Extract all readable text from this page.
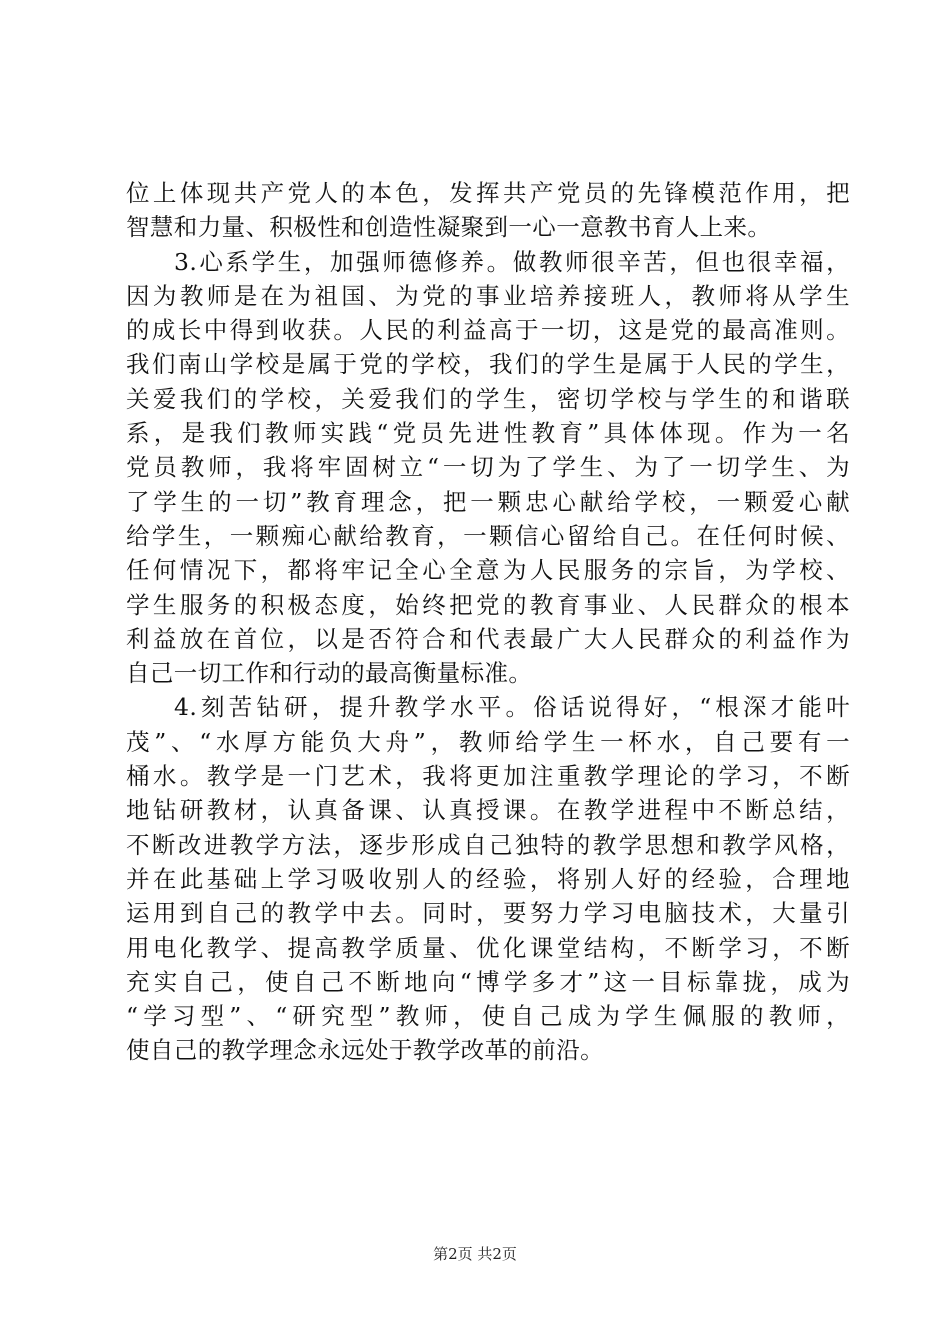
位上体现共产党人的本色，发挥共产党员的先锋模范作用，把
智慧和力量、积极性和创造性凝聚到一心一意教书育人上来。
3.心系学生，加强师德修养。做教师很辛苦，但也很幸福，
因为教师是在为祖国、为党的事业培养接班人，教师将从学生
的成长中得到收获。人民的利益高于一切，这是党的最高准则。
我们南山学校是属于党的学校，我们的学生是属于人民的学生，
关爱我们的学校，关爱我们的学生，密切学校与学生的和谐联
系，是我们教师实践“党员先进性教育”具体体现。作为一名
党员教师，我将牢固树立“一切为了学生、为了一切学生、为
了学生的一切”教育理念，把一颗忠心献给学校，一颗爱心献
给学生，一颗痴心献给教育，一颗信心留给自己。在任何时候、
任何情况下，都将牢记全心全意为人民服务的宗旨，为学校、
学生服务的积极态度，始终把党的教育事业、人民群众的根本
利益放在首位，以是否符合和代表最广大人民群众的利益作为
自己一切工作和行动的最高衡量标准。
4.刻苦钻研，提升教学水平。俗话说得好，“根深才能叶
茂”、“水厚方能负大舟”，教师给学生一杯水，自己要有一
桶水。教学是一门艺术，我将更加注重教学理论的学习，不断
地钻研教材，认真备课、认真授课。在教学进程中不断总结，
不断改进教学方法，逐步形成自己独特的教学思想和教学风格，
并在此基础上学习吸收别人的经验，将别人好的经验，合理地
运用到自己的教学中去。同时，要努力学习电脑技术，大量引
用电化教学、提高教学质量、优化课堂结构，不断学习，不断
充实自己，使自己不断地向“博学多才”这一目标靠拢，成为
“学习型”、“研究型”教师，使自己成为学生佩服的教师，
使自己的教学理念永远处于教学改革的前沿。
第2页 共2页
